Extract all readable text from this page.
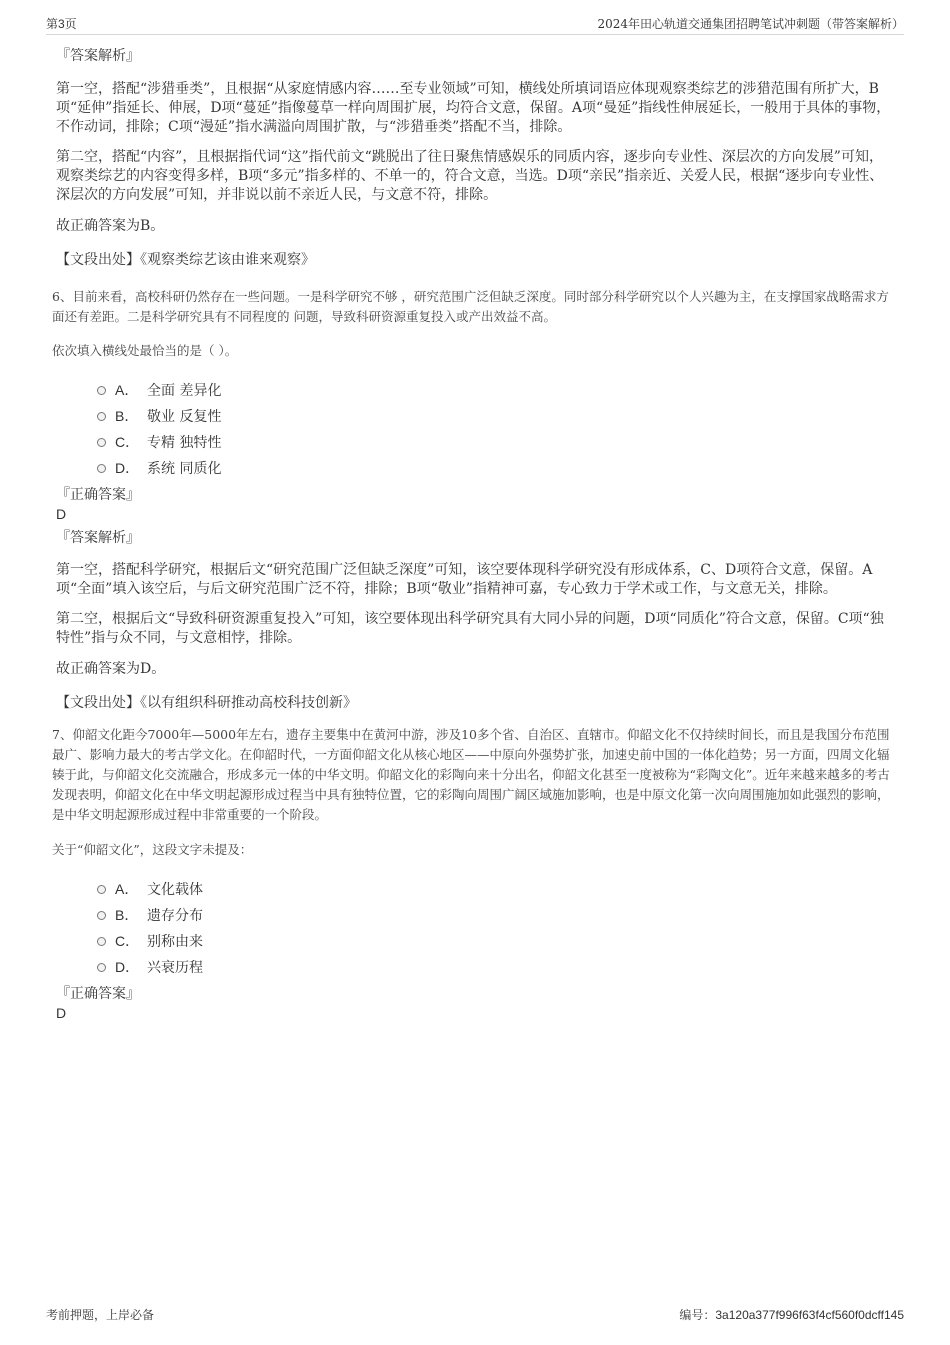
第3页	2024年田心轨道交通集团招聘笔试冲刺题（带答案解析）
『答案解析』

第一空，搭配“涉猎垂类”，且根据“从家庭情感内容……至专业领域”可知，横线处所填词语应体现观察类综艺的涉猎范围有所扩大，B项“延伸”指延长、伸展，D项“蔓延”指像蔓草一样向周围扩展，均符合文意，保留。A项“曼延”指线性伸展延长，一般用于具体的事物，不作动词，排除；C项“漫延”指水满溢向周围扩散，与“涉猎垂类”搭配不当，排除。

第二空，搭配“内容”，且根据指代词“这”指代前文“跳脱出了往日聚焦情感娱乐的同质内容，逐步向专业性、深层次的方向发展”可知，观察类综艺的内容变得多样，B项“多元”指多样的、不单一的，符合文意，当选。D项“亲民”指亲近、关爱人民，根据“逐步向专业性、深层次的方向发展”可知，并非说以前不亲近人民，与文意不符，排除。

故正确答案为B。

【文段出处】《观察类综艺该由谁来观察》

6、目前来看，高校科研仍然存在一些问题。一是科学研究不够 ，研究范围广泛但缺乏深度。同时部分科学研究以个人兴趣为主，在支撑国家战略需求方面还有差距。二是科学研究具有不同程度的 问题，导致科研资源重复投入或产出效益不高。

依次填入横线处最恰当的是（ ）。

A． 全面 差异化
B． 敬业 反复性
C． 专精 独特性
D． 系统 同质化
『正确答案』
D
『答案解析』

第一空，搭配科学研究，根据后文“研究范围广泛但缺乏深度”可知，该空要体现科学研究没有形成体系，C、D项符合文意，保留。A项“全面”填入该空后，与后文研究范围广泛不符，排除；B项“敬业”指精神可嘉，专心致力于学术或工作，与文意无关，排除。

第二空，根据后文“导致科研资源重复投入”可知，该空要体现出科学研究具有大同小异的问题，D项“同质化”符合文意，保留。C项“独特性”指与众不同，与文意相悖，排除。

故正确答案为D。

【文段出处】《以有组织科研推动高校科技创新》

7、仰韶文化距今7000年—5000年左右，遗存主要集中在黄河中游，涉及10多个省、自治区、直辖市。仰韶文化不仅持续时间长，而且是我国分布范围最广、影响力最大的考古学文化。在仰韶时代，一方面仰韶文化从核心地区——中原向外强势扩张，加速史前中国的一体化趋势；另一方面，四周文化辐辏于此，与仰韶文化交流融合，形成多元一体的中华文明。仰韶文化的彩陶向来十分出名，仰韶文化甚至一度被称为“彩陶文化”。近年来越来越多的考古发现表明，仰韶文化在中华文明起源形成过程当中具有独特位置，它的彩陶向周围广阔区域施加影响，也是中原文化第一次向周围施加如此强烈的影响，是中华文明起源形成过程中非常重要的一个阶段。

关于“仰韶文化”，这段文字未提及：

A． 文化载体
B． 遗存分布
C． 别称由来
D． 兴衰历程
『正确答案』
D
考前押题，上岸必备	编号：3a120a377f996f63f4cf560f0dcff145
